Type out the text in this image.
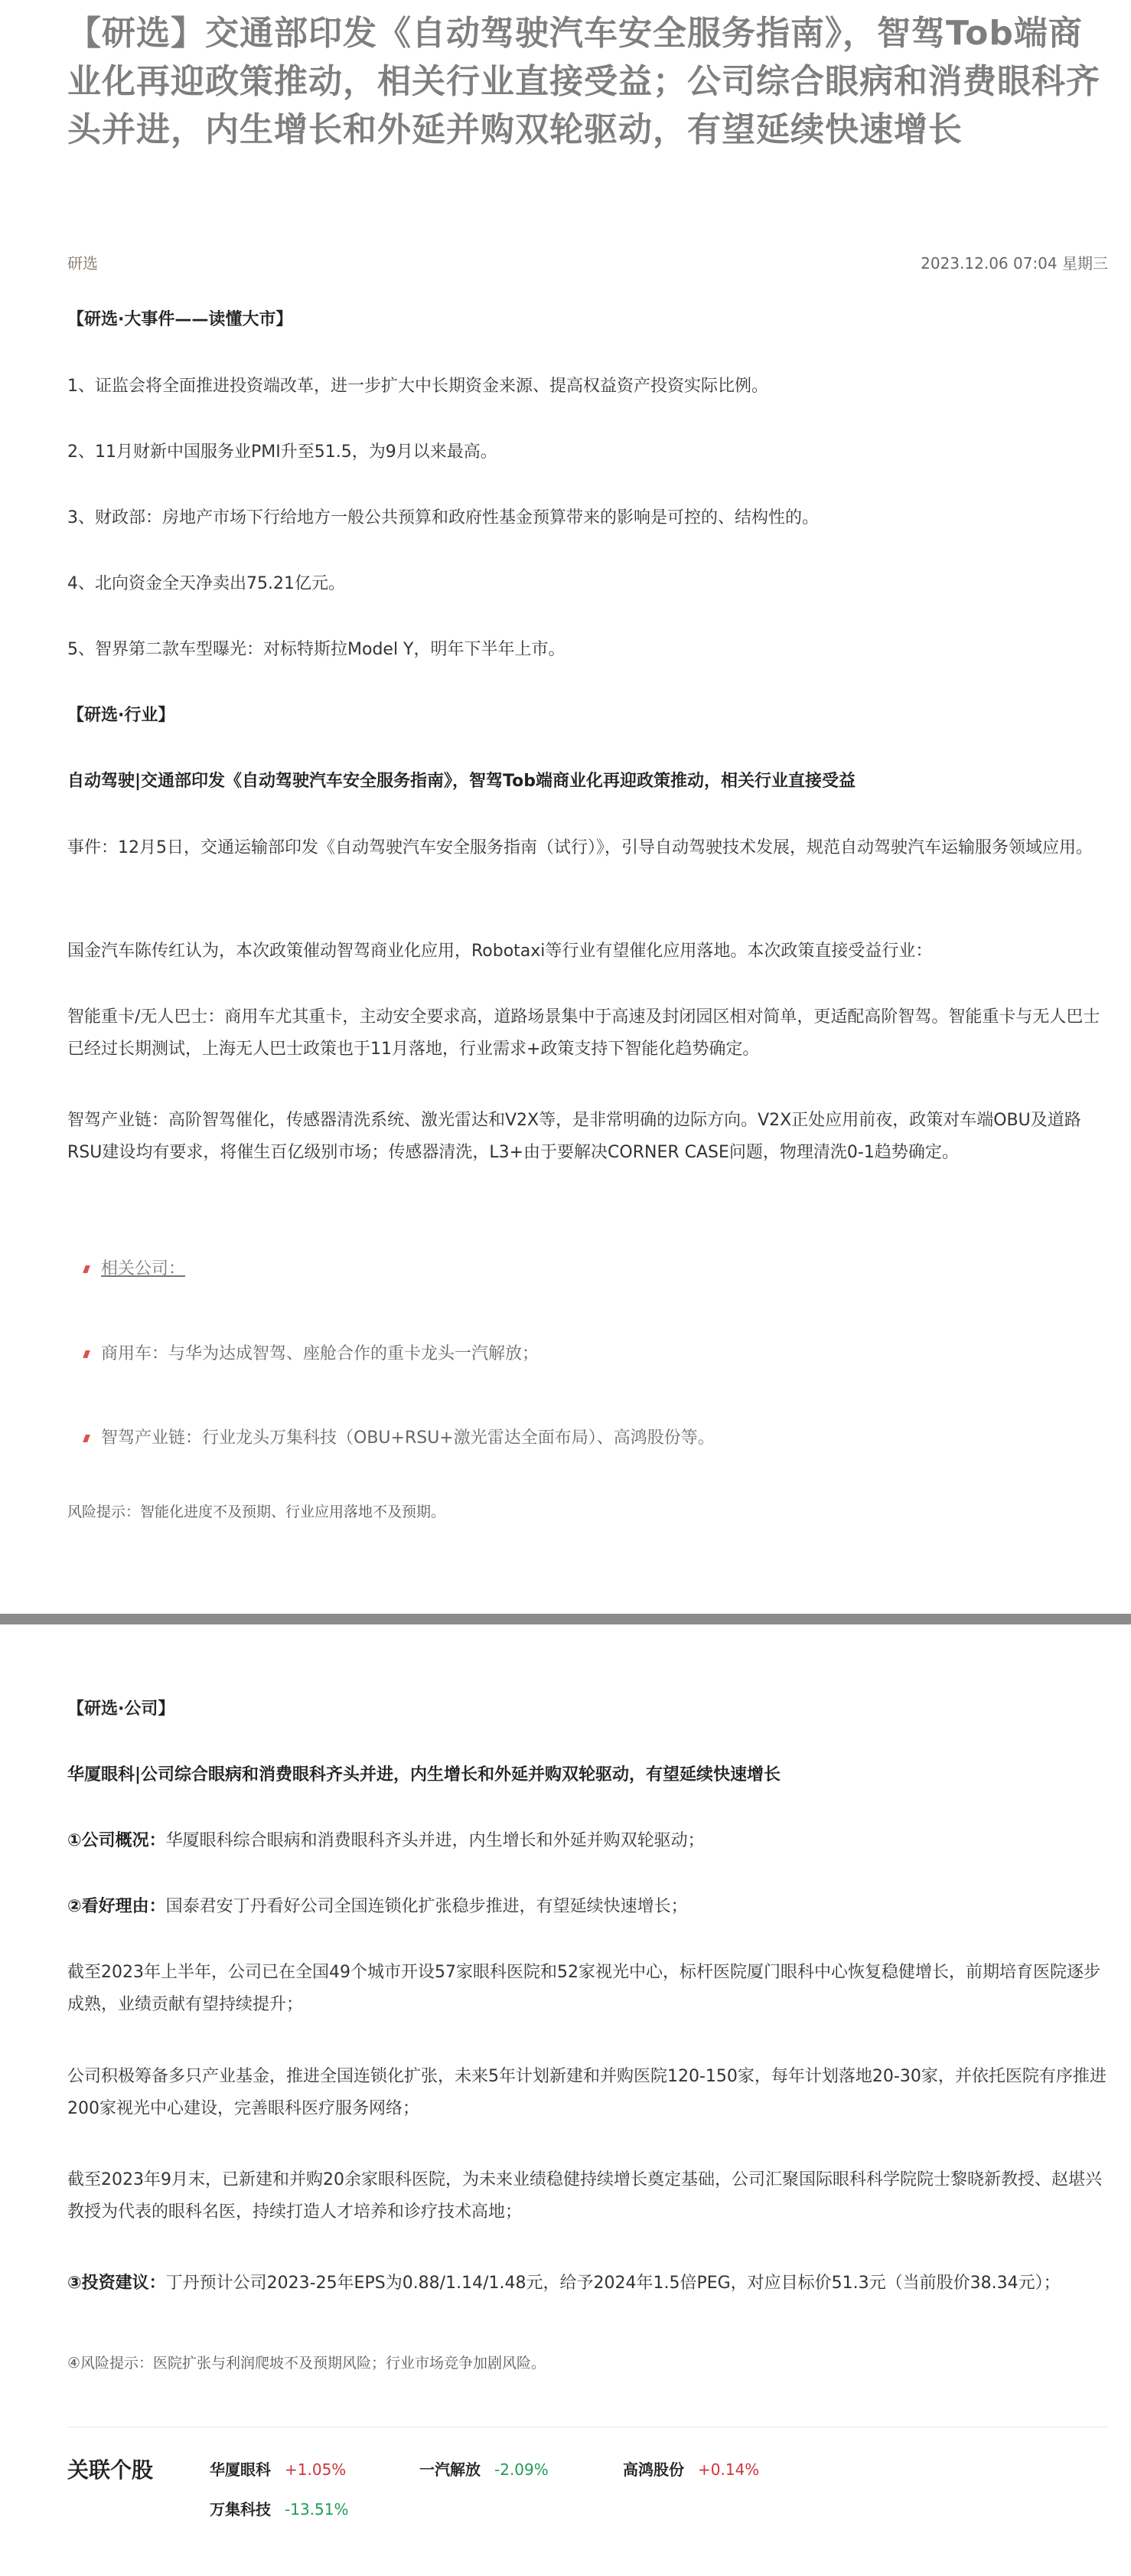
【研选】交通部印发《自动驾驶汽车安全服务指南》，智驾Tob端商业化再迎政策推动，相关行业直接受益；公司综合眼病和消费眼科齐头并进，内生增长和外延并购双轮驱动，有望延续快速增长
研选	2023.12.06 07:04 星期三
【研选·大事件——读懂大市】
1、证监会将全面推进投资端改革，进一步扩大中长期资金来源、提高权益资产投资实际比例。
2、11月财新中国服务业PMI升至51.5，为9月以来最高。
3、财政部：房地产市场下行给地方一般公共预算和政府性基金预算带来的影响是可控的、结构性的。
4、北向资金全天净卖出75.21亿元。
5、智界第二款车型曝光：对标特斯拉Model Y，明年下半年上市。
【研选·行业】
自动驾驶|交通部印发《自动驾驶汽车安全服务指南》，智驾Tob端商业化再迎政策推动，相关行业直接受益
事件：12月5日，交通运输部印发《自动驾驶汽车安全服务指南（试行）》，引导自动驾驶技术发展，规范自动驾驶汽车运输服务领域应用。
国金汽车陈传红认为，本次政策催动智驾商业化应用，Robotaxi等行业有望催化应用落地。本次政策直接受益行业：
智能重卡/无人巴士：商用车尤其重卡，主动安全要求高，道路场景集中于高速及封闭园区相对简单，更适配高阶智驾。智能重卡与无人巴士已经过长期测试，上海无人巴士政策也于11月落地，行业需求+政策支持下智能化趋势确定。
智驾产业链：高阶智驾催化，传感器清洗系统、激光雷达和V2X等，是非常明确的边际方向。V2X正处应用前夜，政策对车端OBU及道路RSU建设均有要求，将催生百亿级别市场；传感器清洗，L3+由于要解决CORNER CASE问题，物理清洗0-1趋势确定。
相关公司：
商用车：与华为达成智驾、座舱合作的重卡龙头一汽解放；
智驾产业链：行业龙头万集科技（OBU+RSU+激光雷达全面布局）、高鸿股份等。
风险提示：智能化进度不及预期、行业应用落地不及预期。
【研选·公司】
华厦眼科|公司综合眼病和消费眼科齐头并进，内生增长和外延并购双轮驱动，有望延续快速增长
①公司概况：华厦眼科综合眼病和消费眼科齐头并进，内生增长和外延并购双轮驱动；
②看好理由：国泰君安丁丹看好公司全国连锁化扩张稳步推进，有望延续快速增长；
截至2023年上半年，公司已在全国49个城市开设57家眼科医院和52家视光中心，标杆医院厦门眼科中心恢复稳健增长，前期培育医院逐步成熟，业绩贡献有望持续提升；
公司积极筹备多只产业基金，推进全国连锁化扩张，未来5年计划新建和并购医院120-150家，每年计划落地20-30家，并依托医院有序推进200家视光中心建设，完善眼科医疗服务网络；
截至2023年9月末，已新建和并购20余家眼科医院，为未来业绩稳健持续增长奠定基础，公司汇聚国际眼科科学院院士黎晓新教授、赵堪兴教授为代表的眼科名医，持续打造人才培养和诊疗技术高地；
③投资建议：丁丹预计公司2023-25年EPS为0.88/1.14/1.48元，给予2024年1.5倍PEG，对应目标价51.3元（当前股价38.34元）；
④风险提示：医院扩张与利润爬坡不及预期风险；行业市场竞争加剧风险。
关联个股	华厦眼科 +1.05%	一汽解放 -2.09%	高鸿股份 +0.14%
万集科技 -13.51%
